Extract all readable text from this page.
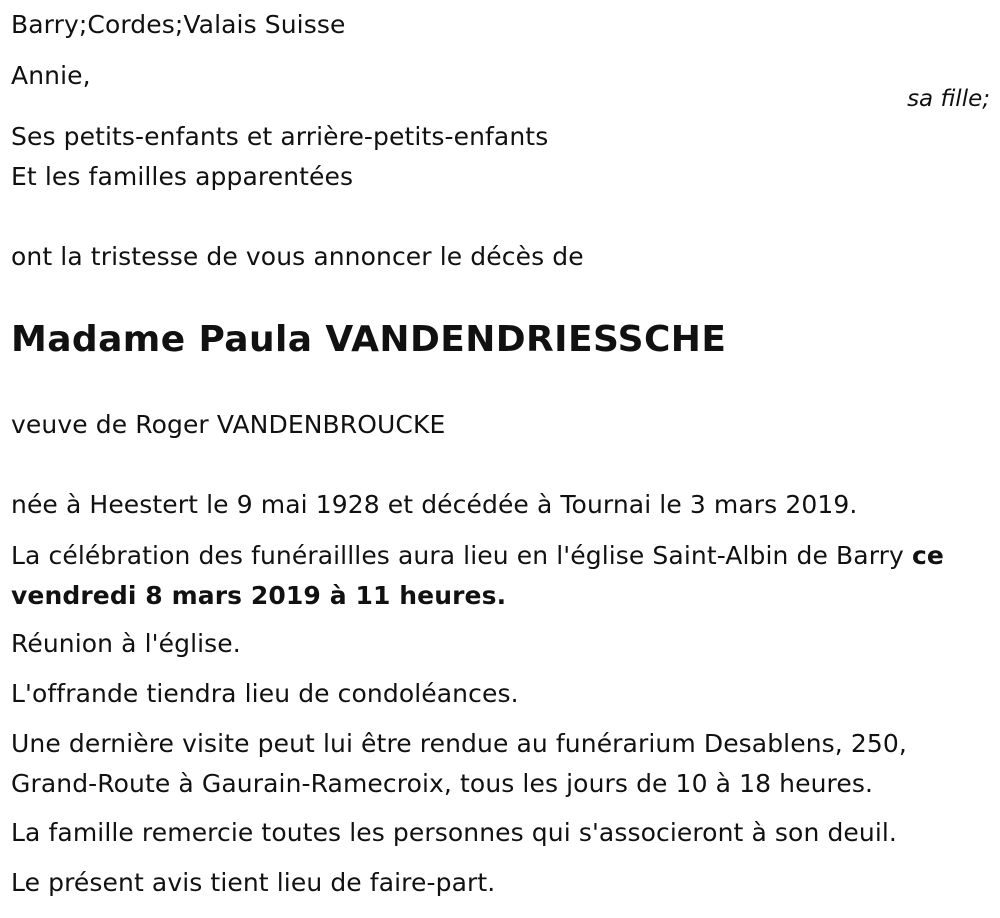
Barry;Cordes;Valais Suisse

Annie,

sa fille;

Ses petits-enfants et arrière-petits-enfants

Et les familles apparentées

ont la tristesse de vous annoncer le décès de

Madame Paula VANDENDRIESSCHE

veuve de Roger VANDENBROUCKE

née à Heestert le 9 mai 1928 et décédée à Tournai le 3 mars 2019.

La célébration des funéraillles aura lieu en l'église Saint-Albin de Barry ce

vendredi 8 mars 2019 à 11 heures.

Réunion à l'église.

L'offrande tiendra lieu de condoléances.

Une dernière visite peut lui être rendue au funérarium Desablens, 250,

Grand-Route à Gaurain-Ramecroix, tous les jours de 10 à 18 heures.

La famille remercie toutes les personnes qui s'associeront à son deuil.

Le présent avis tient lieu de faire-part.
